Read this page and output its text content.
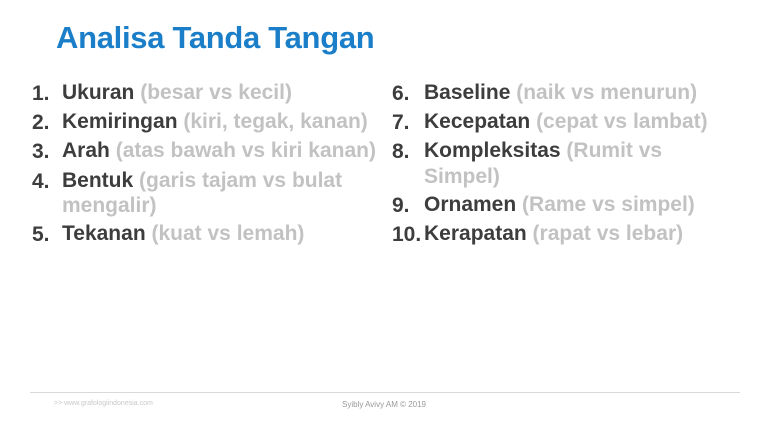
Analisa Tanda Tangan
1. Ukuran (besar vs kecil)
2. Kemiringan (kiri, tegak, kanan)
3. Arah (atas bawah vs kiri kanan)
4. Bentuk (garis tajam vs bulat mengalir)
5. Tekanan (kuat vs lemah)
6. Baseline (naik vs menurun)
7. Kecepatan (cepat vs lambat)
8. Kompleksitas (Rumit vs Simpel)
9. Ornamen (Rame vs simpel)
10. Kerapatan (rapat vs lebar)
>> www.grafologiindonesia.com	Syibly Avivy AM © 2019
